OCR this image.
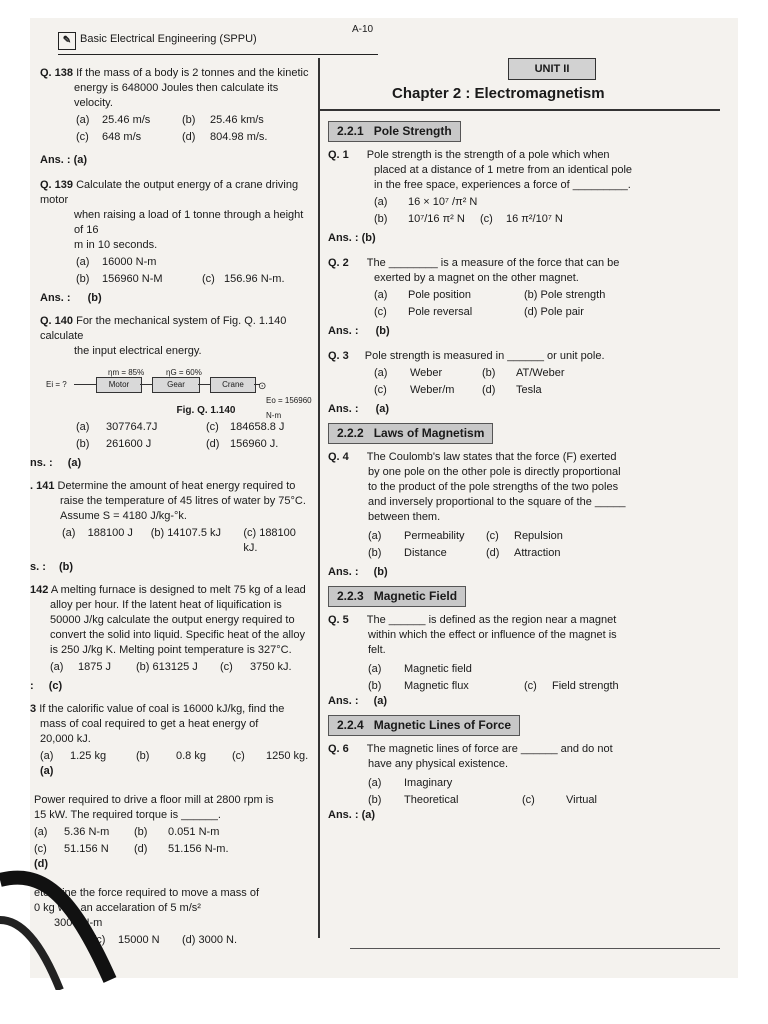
✎ Basic Electrical Engineering (SPPU)
A-10
Q. 138 If the mass of a body is 2 tonnes and the kinetic
energy is 648000 Joules then calculate its velocity.
(a)	25.46 m/s	(b)	25.46 km/s
(c)	648 m/s	(d)	804.98 m/s.
Ans. : (a)
Q. 139 Calculate the output energy of a crane driving motor
when raising a load of 1 tonne through a height of 16
m in 10 seconds.
(a)	16000 N-m
(b)	156960 N-M	(c) 156.96 N-m.
Ans. : (b)
Q. 140 For the mechanical system of Fig. Q. 1.140 calculate
the input electrical energy.
ηm = 85%	ηG = 60%
Ei = ?	Motor	Gear	Crane	⊙
Eo = 156960 N-m
Fig. Q. 1.140
(a)	307764.7J	(c)	184658.8 J
(b)	261600 J	(d) 156960 J.
ns. : (a)
. 141 Determine the amount of heat energy required to
raise the temperature of 45 litres of water by 75°C.
Assume S = 4180 J/kg-°k.
(a)	188100 J	(b) 14107.5 kJ	(c) 188100 kJ.
s. : (b)
142 A melting furnace is designed to melt 75 kg of a lead
alloy per hour. If the latent heat of liquification is
50000 J/kg calculate the output energy required to
convert the solid into liquid. Specific heat of the alloy
is 250 J/kg K. Melting point temperature is 327°C.
(a)	1875 J	(b) 613125 J	(c)	3750 kJ.
: (c)
3 If the calorific value of coal is 16000 kJ/kg, find the
mass of coal required to get a heat energy of
20,000 kJ.
(a)	1.25 kg	(b)	0.8 kg	(c)	1250 kg.
(a)
Power required to drive a floor mill at 2800 rpm is
15 kW. The required torque is ______.
(a)	5.36 N-m	(b)	0.051 N-m
(c)	51.156 N	(d)	51.156 N-m.
(d)
etermine the force required to move a mass of
0 kg with an accelaration of 5 m/s²
3000 N-m
J (c)	15000 N	(d) 3000 N.
UNIT II
Chapter 2 : Electromagnetism
2.2.1 Pole Strength
Q. 1 Pole strength is the strength of a pole which when
placed at a distance of 1 metre from an identical pole
in the free space, experiences a force of _________.
(a)	16 × 10⁷ /π² N
(b)	10⁷/16 π² N	(c)	16 π²/10⁷ N
Ans. : (b)
Q. 2 The ________ is a measure of the force that can be
exerted by a magnet on the other magnet.
(a)	Pole position	(b) Pole strength
(c)	Pole reversal	(d) Pole pair
Ans. : (b)
Q. 3 Pole strength is measured in ______ or unit pole.
(a)	Weber	(b)	AT/Weber
(c)	Weber/m	(d)	Tesla
Ans. : (a)
2.2.2 Laws of Magnetism
Q. 4 The Coulomb's law states that the force (F) exerted
by one pole on the other pole is directly proportional
to the product of the pole strengths of the two poles
and inversely proportional to the square of the _____
between them.
(a)	Permeability	(c)	Repulsion
(b)	Distance	(d)	Attraction
Ans. : (b)
2.2.3 Magnetic Field
Q. 5 The ______ is defined as the region near a magnet
within which the effect or influence of the magnet is
felt.
(a)	Magnetic field
(b)	Magnetic flux	(c)	Field strength
Ans. : (a)
2.2.4 Magnetic Lines of Force
Q. 6 The magnetic lines of force are ______ and do not
have any physical existence.
(a)	Imaginary
(b)	Theoretical	(c)	Virtual
Ans. : (a)
